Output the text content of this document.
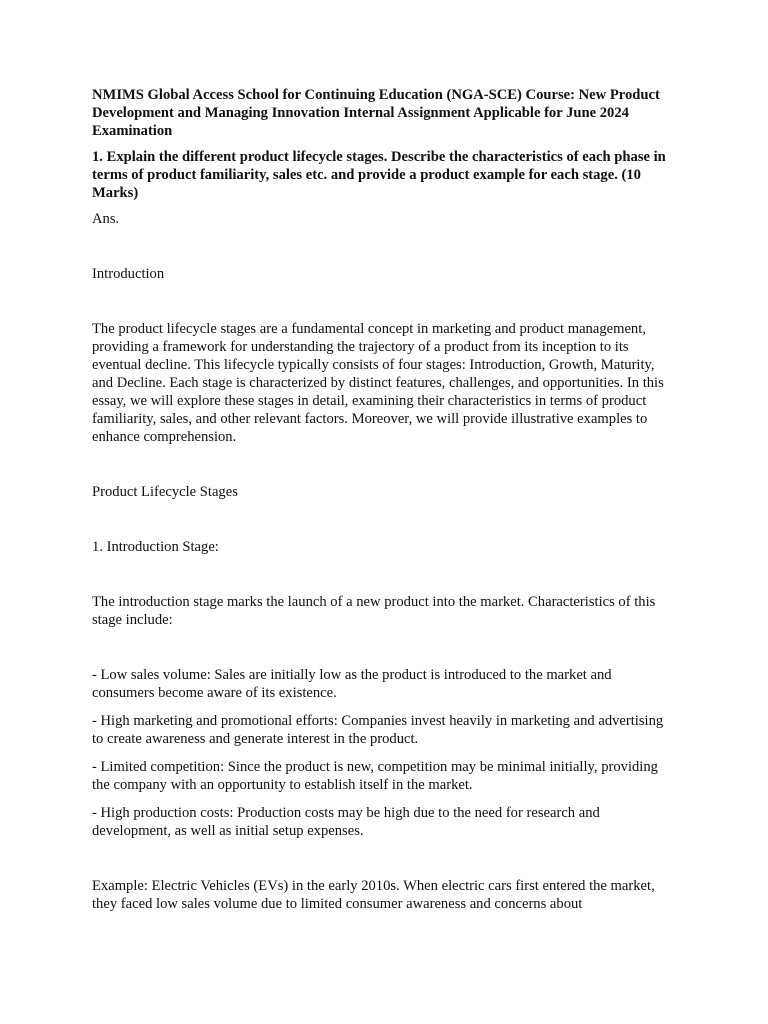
NMIMS Global Access School for Continuing Education (NGA-SCE) Course: New Product Development and Managing Innovation Internal Assignment Applicable for June 2024 Examination

1. Explain the different product lifecycle stages. Describe the characteristics of each phase in terms of product familiarity, sales etc. and provide a product example for each stage. (10 Marks)

Ans.

Introduction

The product lifecycle stages are a fundamental concept in marketing and product management, providing a framework for understanding the trajectory of a product from its inception to its eventual decline. This lifecycle typically consists of four stages: Introduction, Growth, Maturity, and Decline. Each stage is characterized by distinct features, challenges, and opportunities. In this essay, we will explore these stages in detail, examining their characteristics in terms of product familiarity, sales, and other relevant factors. Moreover, we will provide illustrative examples to enhance comprehension.

Product Lifecycle Stages

1. Introduction Stage:

The introduction stage marks the launch of a new product into the market. Characteristics of this stage include:

- Low sales volume: Sales are initially low as the product is introduced to the market and consumers become aware of its existence.

- High marketing and promotional efforts: Companies invest heavily in marketing and advertising to create awareness and generate interest in the product.

- Limited competition: Since the product is new, competition may be minimal initially, providing the company with an opportunity to establish itself in the market.

- High production costs: Production costs may be high due to the need for research and development, as well as initial setup expenses.

Example: Electric Vehicles (EVs) in the early 2010s. When electric cars first entered the market, they faced low sales volume due to limited consumer awareness and concerns about
